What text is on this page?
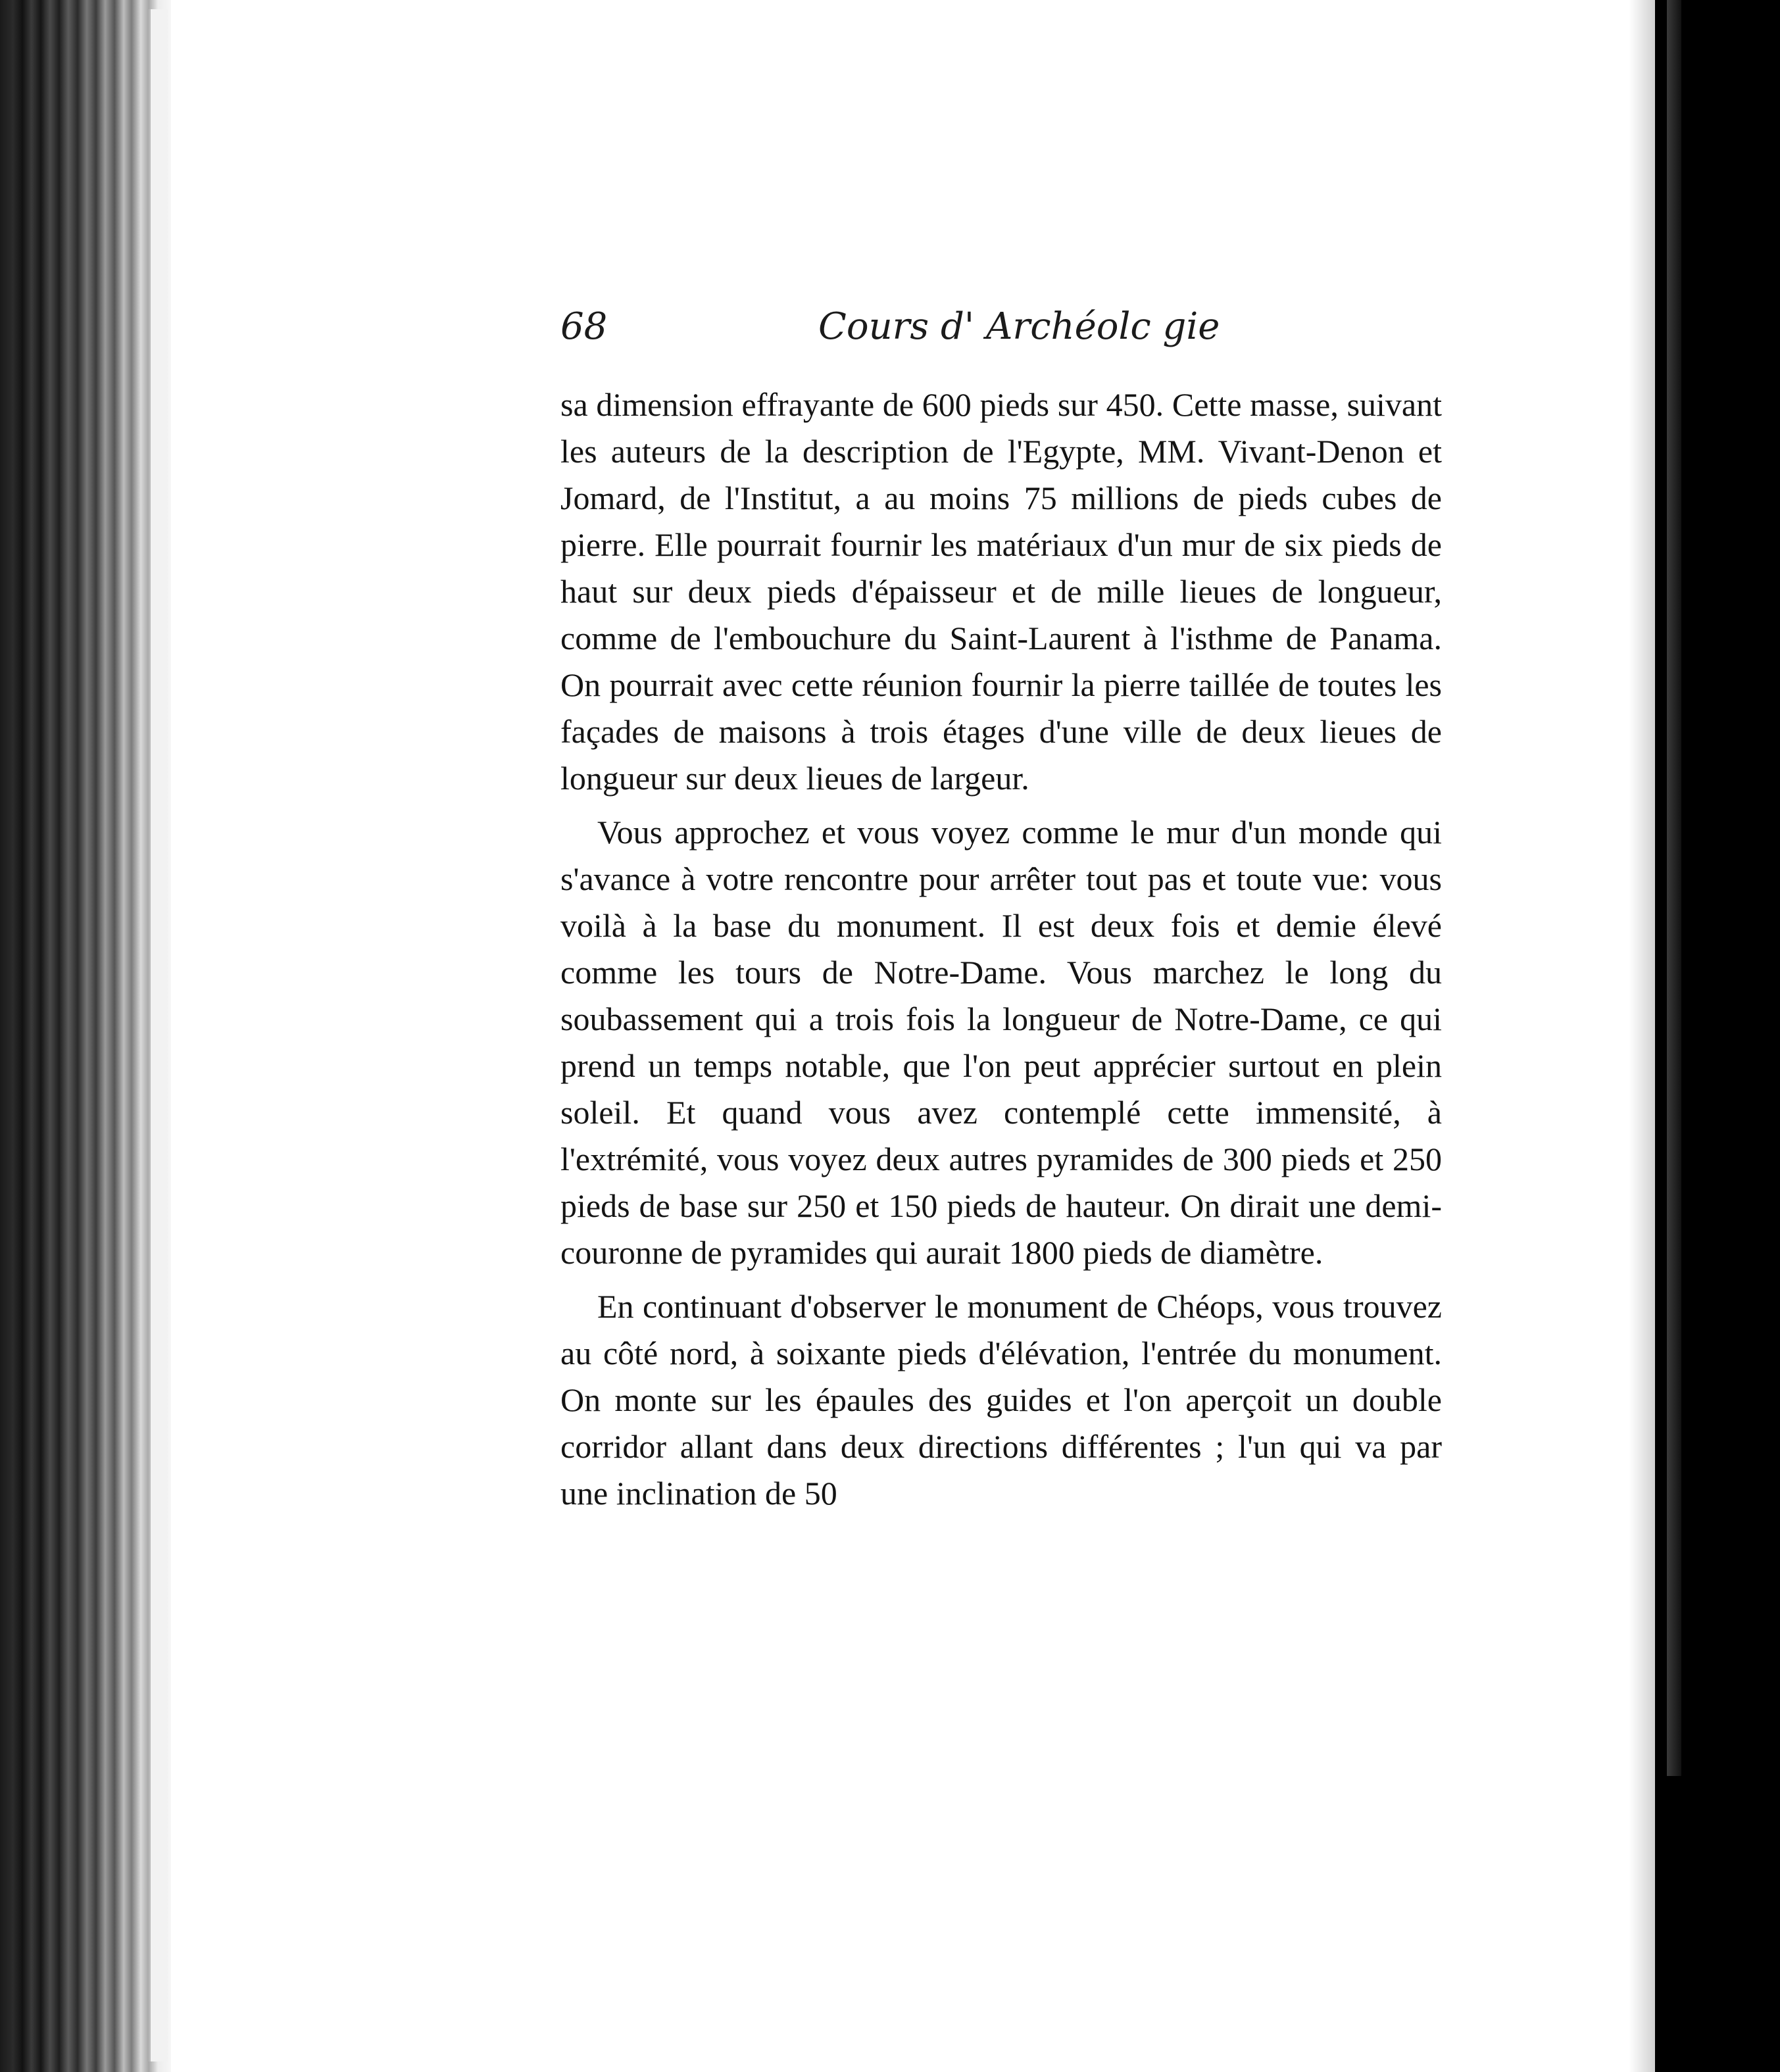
68	Cours d' Archéolc gie

sa dimension effrayante de 600 pieds sur 450. Cette masse, suivant les auteurs de la description de l'Egypte, MM. Vivant-Denon et Jomard, de l'Institut, a au moins 75 millions de pieds cubes de pierre. Elle pourrait fournir les matériaux d'un mur de six pieds de haut sur deux pieds d'épaisseur et de mille lieues de longueur, comme de l'embouchure du Saint-Laurent à l'isthme de Panama. On pourrait avec cette réunion fournir la pierre taillée de toutes les façades de maisons à trois étages d'une ville de deux lieues de longueur sur deux lieues de largeur.

Vous approchez et vous voyez comme le mur d'un monde qui s'avance à votre rencontre pour arrêter tout pas et toute vue: vous voilà à la base du monument. Il est deux fois et demie élevé comme les tours de Notre-Dame. Vous marchez le long du soubassement qui a trois fois la longueur de Notre-Dame, ce qui prend un temps notable, que l'on peut apprécier surtout en plein soleil. Et quand vous avez contemplé cette immensité, à l'extrémité, vous voyez deux autres pyramides de 300 pieds et 250 pieds de base sur 250 et 150 pieds de hauteur. On dirait une demi-couronne de pyramides qui aurait 1800 pieds de diamètre.

En continuant d'observer le monument de Chéops, vous trouvez au côté nord, à soixante pieds d'élévation, l'entrée du monument. On monte sur les épaules des guides et l'on aperçoit un double corridor allant dans deux directions différentes ; l'un qui va par une inclination de 50
